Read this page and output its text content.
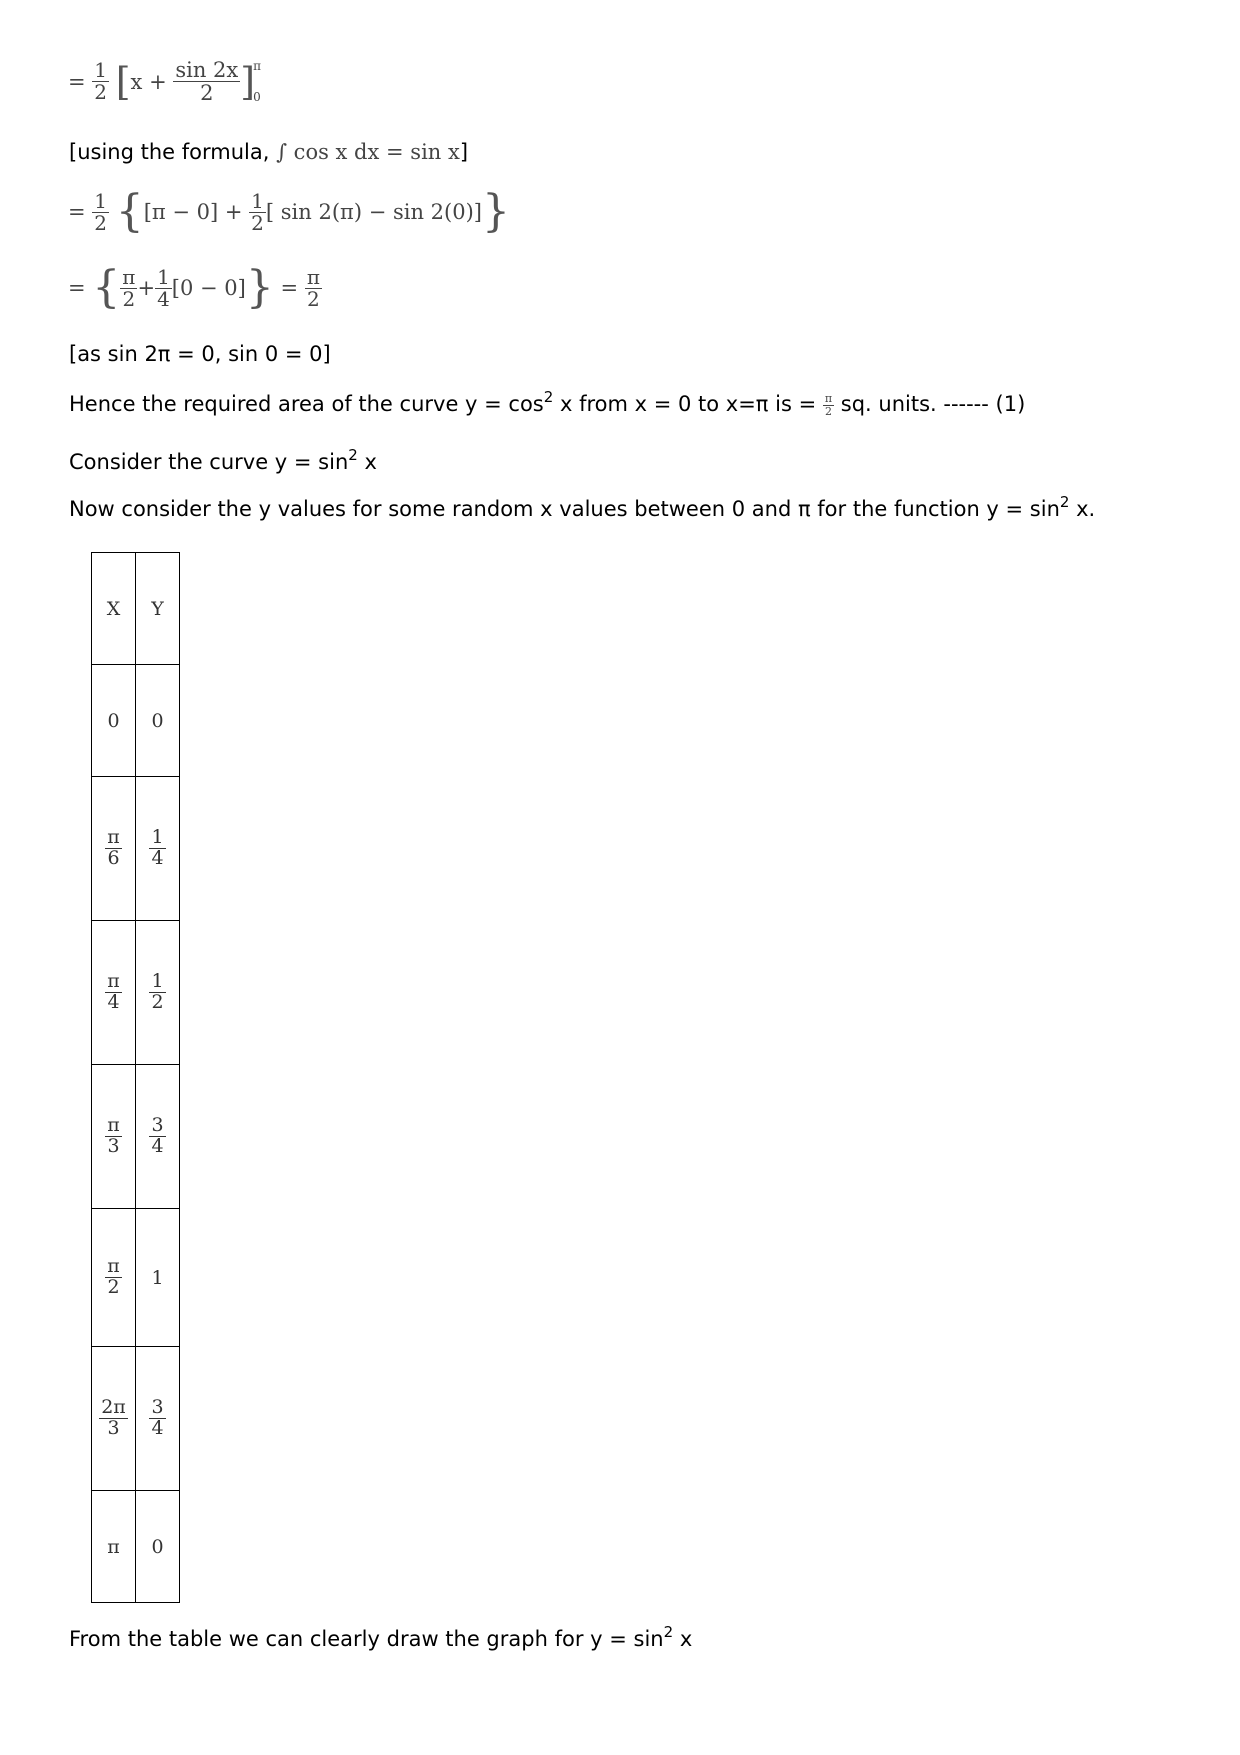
= $\frac{1}{2} [x + \frac{\sin 2x}{2}$ ]
π
0
[using the formula, ∫ cos x dx = sin x]
= $\frac{1}{2} \{[\pi - 0] + \frac{1}{2}$ [ sin 2(π) − sin 2(0)]}
= { $\frac{\pi}{2} + \frac{1}{4} [0 - 0]\} = \frac{\pi}{2}$
[as sin 2π = 0, sin 0 = 0]
Hence the required area of the curve $y = \cos^2 x$ from x = 0 to x=π is = $\frac{\pi}{2}$ sq. units. ------ (1)
Consider the curve $y = \sin^2 x$
Now consider the y values for some random x values between 0 and π for the function $y = \sin^2 x$.
X	Y
0	0

$\frac{\pi}{6}$	$\frac{1}{4}$

$\frac{\pi}{4}$	$\frac{1}{2}$

$\frac{\pi}{3}$	$\frac{3}{4}$

$\frac{\pi}{2}$	1

$\frac{2\pi}{3}$	$\frac{3}{4}$

π	0
From the table we can clearly draw the graph for $y = \sin^2 x$
